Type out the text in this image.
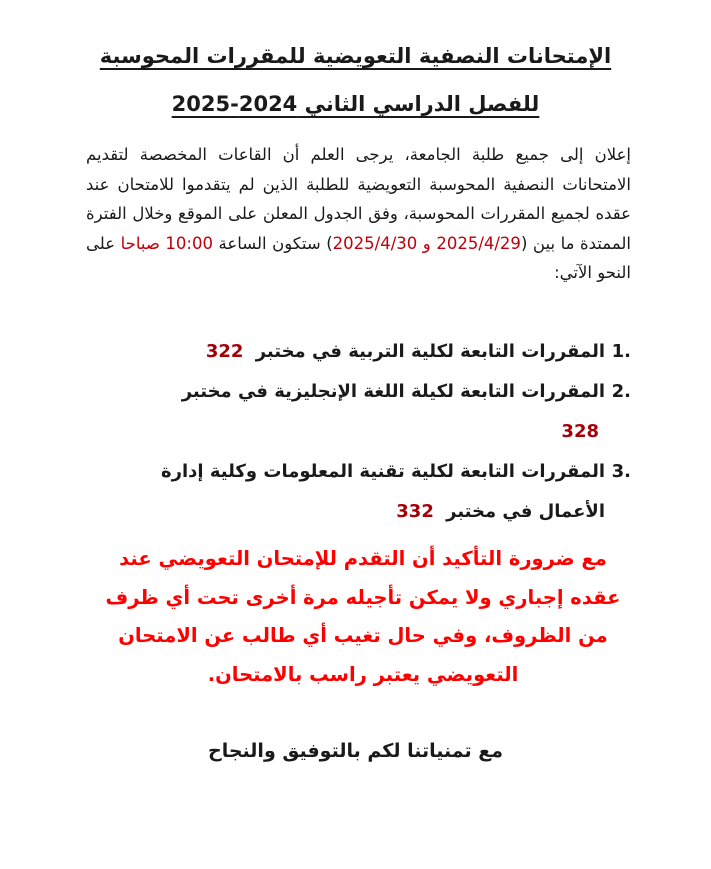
الإمتحانات النصفية التعويضية للمقررات المحوسبة
للفصل الدراسي الثاني 2024-2025
إعلان إلى جميع طلبة الجامعة، يرجى العلم أن القاعات المخصصة لتقديم الامتحانات النصفية المحوسبة التعويضية للطلبة الذين لم يتقدموا للامتحان عند عقده لجميع المقررات المحوسبة، وفق الجدول المعلن على الموقع وخلال الفترة الممتدة ما بين (2025/4/29 و 2025/4/30) ستكون الساعة 10:00 صباحا على النحو الآتي:
1.
المقررات التابعة لكلية التربية في مختبر 322
2.
المقررات التابعة لكيلة اللغة الإنجليزية في مختبر 328
3.
المقررات التابعة لكلية تقنية المعلومات وكلية إدارة الأعمال في مختبر 332
مع ضرورة التأكيد أن التقدم للإمتحان التعويضي عند عقده إجباري ولا يمكن تأجيله مرة أخرى تحت أي ظرف من الظروف، وفي حال تغيب أي طالب عن الامتحان التعويضي يعتبر راسب بالامتحان.
مع تمنياتنا لكم بالتوفيق والنجاح
